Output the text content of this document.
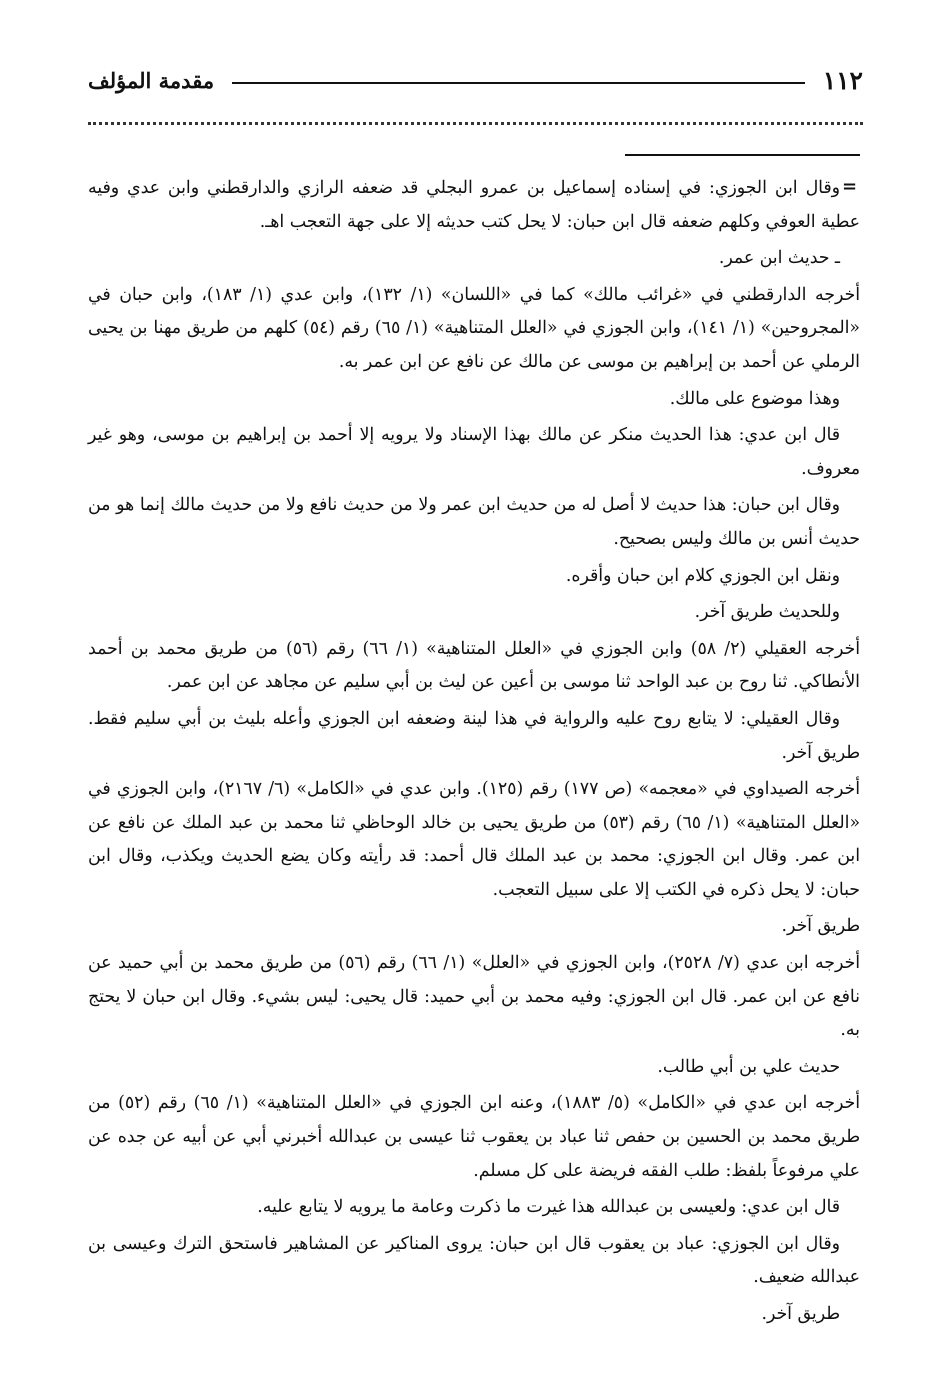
١١٢
مقدمة المؤلف
=

وقال ابن الجوزي: في إسناده إسماعيل بن عمرو البجلي قد ضعفه الرازي والدارقطني وابن عدي وفيه عطية العوفي وكلهم ضعفه قال ابن حبان: لا يحل كتب حديثه إلا على جهة التعجب اهـ.

ـ حديث ابن عمر.

أخرجه الدارقطني في «غرائب مالك» كما في «اللسان» (١/ ١٣٢)، وابن عدي (١/ ١٨٣)، وابن حبان في «المجروحين» (١/ ١٤١)، وابن الجوزي في «العلل المتناهية» (١/ ٦٥) رقم (٥٤) كلهم من طريق مهنا بن يحيى الرملي عن أحمد بن إبراهيم بن موسى عن مالك عن نافع عن ابن عمر به.

وهذا موضوع على مالك.

قال ابن عدي: هذا الحديث منكر عن مالك بهذا الإسناد ولا يرويه إلا أحمد بن إبراهيم بن موسى، وهو غير معروف.

وقال ابن حبان: هذا حديث لا أصل له من حديث ابن عمر ولا من حديث نافع ولا من حديث مالك إنما هو من حديث أنس بن مالك وليس بصحيح.

ونقل ابن الجوزي كلام ابن حبان وأقره.

وللحديث طريق آخر.

أخرجه العقيلي (٢/ ٥٨) وابن الجوزي في «العلل المتناهية» (١/ ٦٦) رقم (٥٦) من طريق محمد بن أحمد الأنطاكي. ثنا روح بن عبد الواحد ثنا موسى بن أعين عن ليث بن أبي سليم عن مجاهد عن ابن عمر.

وقال العقيلي: لا يتابع روح عليه والرواية في هذا لينة وضعفه ابن الجوزي وأعله بليث بن أبي سليم فقط. طريق آخر.

أخرجه الصيداوي في «معجمه» (ص ١٧٧) رقم (١٢٥). وابن عدي في «الكامل» (٦/ ٢١٦٧)، وابن الجوزي في «العلل المتناهية» (١/ ٦٥) رقم (٥٣) من طريق يحيى بن خالد الوحاظي ثنا محمد بن عبد الملك عن نافع عن ابن عمر. وقال ابن الجوزي: محمد بن عبد الملك قال أحمد: قد رأيته وكان يضع الحديث ويكذب، وقال ابن حبان: لا يحل ذكره في الكتب إلا على سبيل التعجب.

طريق آخر.

أخرجه ابن عدي (٧/ ٢٥٢٨)، وابن الجوزي في «العلل» (١/ ٦٦) رقم (٥٦) من طريق محمد بن أبي حميد عن نافع عن ابن عمر. قال ابن الجوزي: وفيه محمد بن أبي حميد: قال يحيى: ليس بشيء. وقال ابن حبان لا يحتج به.

حديث علي بن أبي طالب.

أخرجه ابن عدي في «الكامل» (٥/ ١٨٨٣)، وعنه ابن الجوزي في «العلل المتناهية» (١/ ٦٥) رقم (٥٢) من طريق محمد بن الحسين بن حفص ثنا عباد بن يعقوب ثنا عيسى بن عبدالله أخبرني أبي عن أبيه عن جده عن علي مرفوعاً بلفظ: طلب الفقه فريضة على كل مسلم.

قال ابن عدي: ولعيسى بن عبدالله هذا غيرت ما ذكرت وعامة ما يرويه لا يتابع عليه.

وقال ابن الجوزي: عباد بن يعقوب قال ابن حبان: يروى المناكير عن المشاهير فاستحق الترك وعيسى بن عبدالله ضعيف.

طريق آخر.
